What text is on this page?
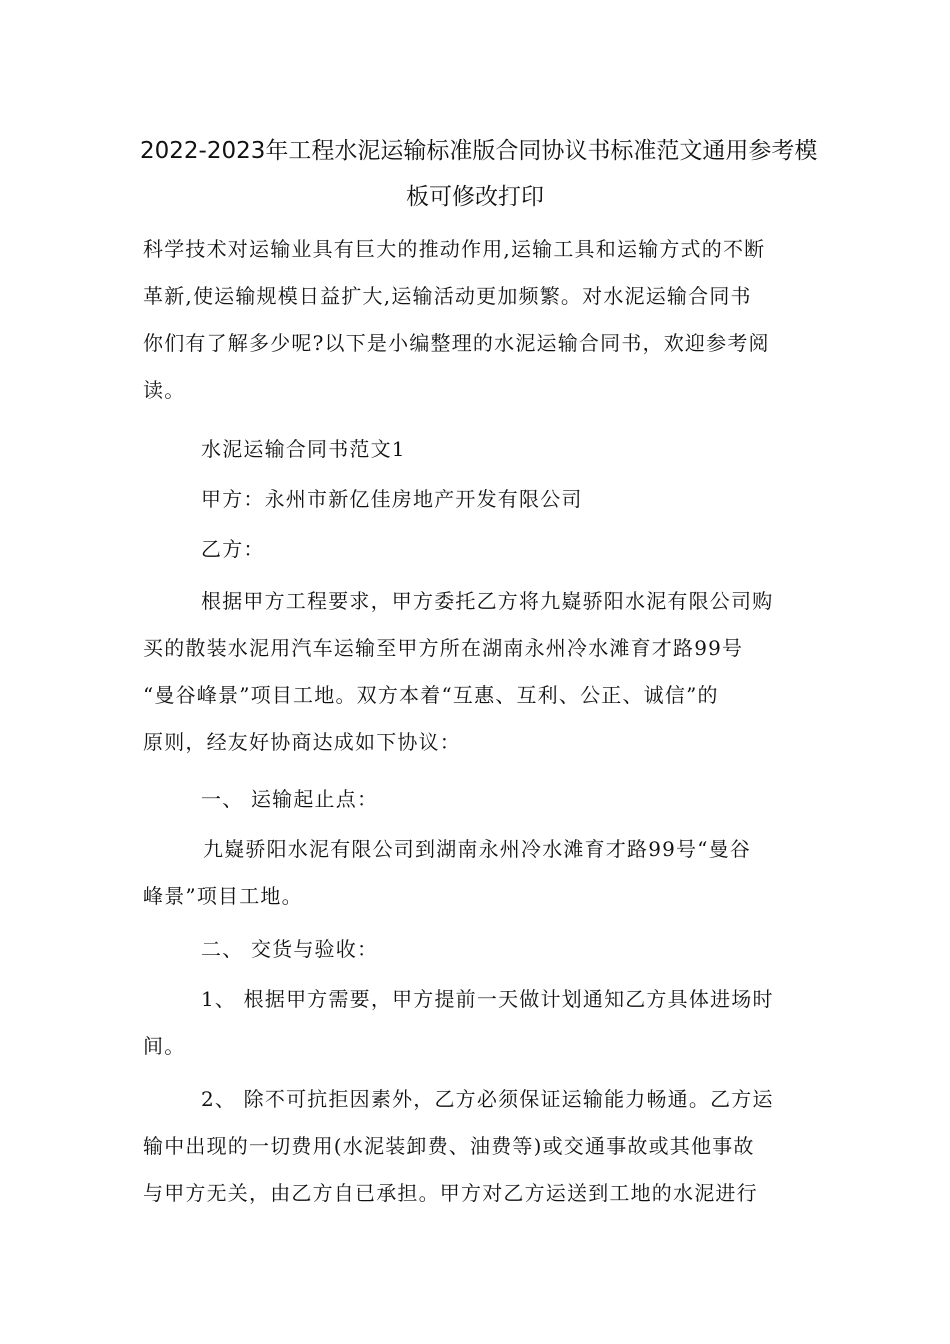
2022-2023年工程水泥运输标准版合同协议书标准范文通用参考模
板可修改打印
科学技术对运输业具有巨大的推动作用,运输工具和运输方式的不断
革新,使运输规模日益扩大,运输活动更加频繁。对水泥运输合同书
你们有了解多少呢?以下是小编整理的水泥运输合同书，欢迎参考阅
读。
水泥运输合同书范文1
甲方：永州市新亿佳房地产开发有限公司
乙方：
根据甲方工程要求，甲方委托乙方将九嶷骄阳水泥有限公司购
买的散装水泥用汽车运输至甲方所在湖南永州冷水滩育才路99号
“曼谷峰景”项目工地。双方本着“互惠、互利、公正、诚信”的
原则，经友好协商达成如下协议：
一、 运输起止点：
九嶷骄阳水泥有限公司到湖南永州冷水滩育才路99号“曼谷
峰景”项目工地。
二、 交货与验收：
1、 根据甲方需要，甲方提前一天做计划通知乙方具体进场时
间。
2、 除不可抗拒因素外，乙方必须保证运输能力畅通。乙方运
输中出现的一切费用(水泥装卸费、油费等)或交通事故或其他事故
与甲方无关，由乙方自已承担。甲方对乙方运送到工地的水泥进行
